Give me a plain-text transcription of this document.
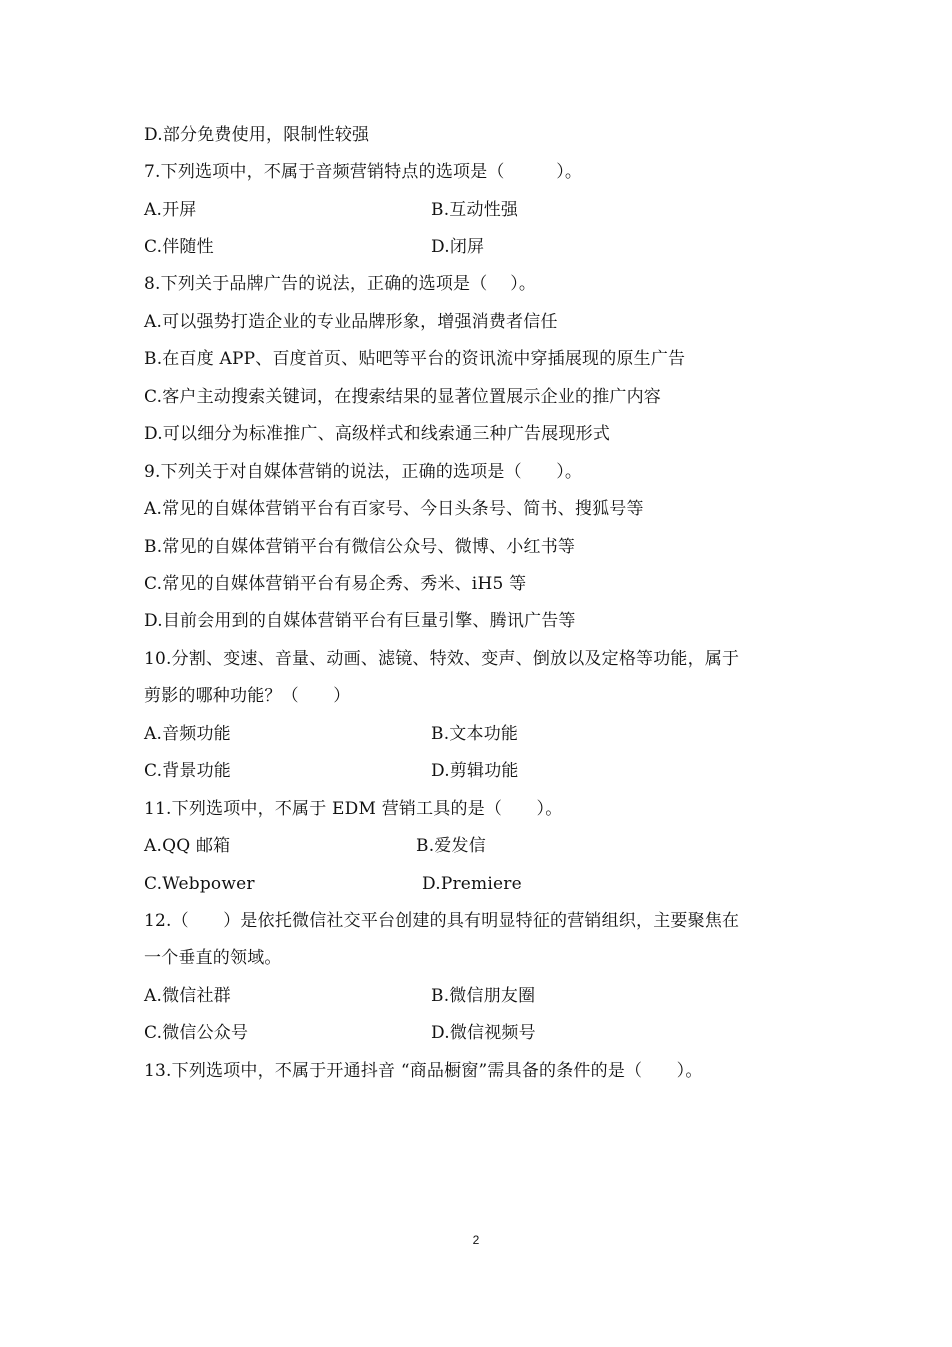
D.部分免费使用，限制性较强
7.下列选项中，不属于音频营销特点的选项是（　　　）。
A.开屏	B.互动性强
C.伴随性	D.闭屏
8.下列关于品牌广告的说法，正确的选项是（　 ）。
A.可以强势打造企业的专业品牌形象，增强消费者信任
B.在百度 APP、百度首页、贴吧等平台的资讯流中穿插展现的原生广告
C.客户主动搜索关键词，在搜索结果的显著位置展示企业的推广内容
D.可以细分为标准推广、高级样式和线索通三种广告展现形式
9.下列关于对自媒体营销的说法，正确的选项是（　　）。
A.常见的自媒体营销平台有百家号、今日头条号、简书、搜狐号等
B.常见的自媒体营销平台有微信公众号、微博、小红书等
C.常见的自媒体营销平台有易企秀、秀米、iH5 等
D.目前会用到的自媒体营销平台有巨量引擎、腾讯广告等
10.分割、变速、音量、动画、滤镜、特效、变声、倒放以及定格等功能，属于
剪影的哪种功能？（　　）
A.音频功能	B.文本功能
C.背景功能	D.剪辑功能
11.下列选项中，不属于 EDM 营销工具的是（　　）。
A.QQ 邮箱	B.爱发信
C.Webpower	D.Premiere
12.（　　）是依托微信社交平台创建的具有明显特征的营销组织，主要聚焦在
一个垂直的领域。
A.微信社群	B.微信朋友圈
C.微信公众号	D.微信视频号
13.下列选项中，不属于开通抖音 “商品橱窗”需具备的条件的是（　　）。
2
